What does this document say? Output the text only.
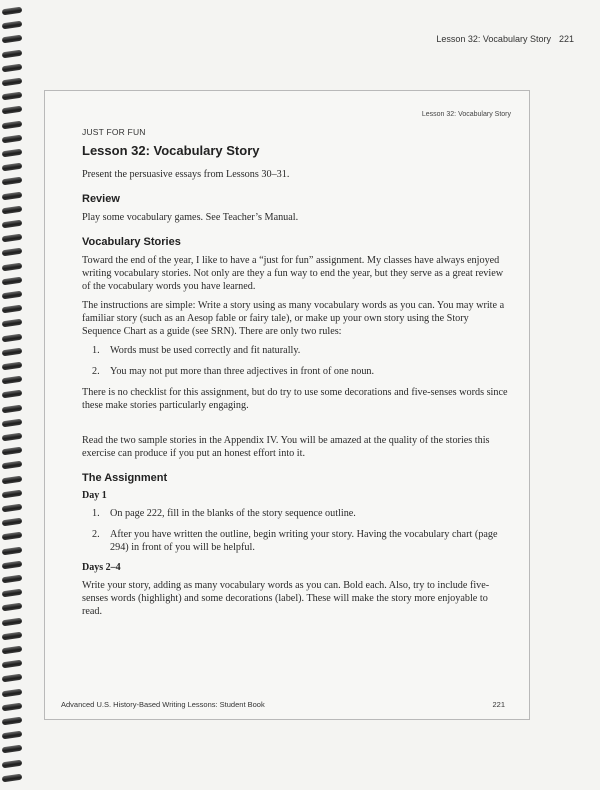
Lesson 32: Vocabulary Story 221
Lesson 32: Vocabulary Story
JUST FOR FUN
Lesson 32: Vocabulary Story

Present the persuasive essays from Lessons 30–31.

Review

Play some vocabulary games. See Teacher’s Manual.

Vocabulary Stories

Toward the end of the year, I like to have a “just for fun” assignment. My classes have always enjoyed writing vocabulary stories. Not only are they a fun way to end the year, but they serve as a great review of the vocabulary words you have learned.

The instructions are simple: Write a story using as many vocabulary words as you can. You may write a familiar story (such as an Aesop fable or fairy tale), or make up your own story using the Story Sequence Chart as a guide (see SRN). There are only two rules:

1.	Words must be used correctly and fit naturally.
2.	You may not put more than three adjectives in front of one noun.

There is no checklist for this assignment, but do try to use some decorations and five-senses words since these make stories particularly engaging.

Read the two sample stories in the Appendix IV. You will be amazed at the quality of the stories this exercise can produce if you put an honest effort into it.

The Assignment
Day 1
1.	On page 222, fill in the blanks of the story sequence outline.
2.	After you have written the outline, begin writing your story. Having the vocabulary chart (page 294) in front of you will be helpful.
Days 2–4

Write your story, adding as many vocabulary words as you can. Bold each. Also, try to include five-senses words (highlight) and some decorations (label). These will make the story more enjoyable to read.

Advanced U.S. History-Based Writing Lessons: Student Book	221
